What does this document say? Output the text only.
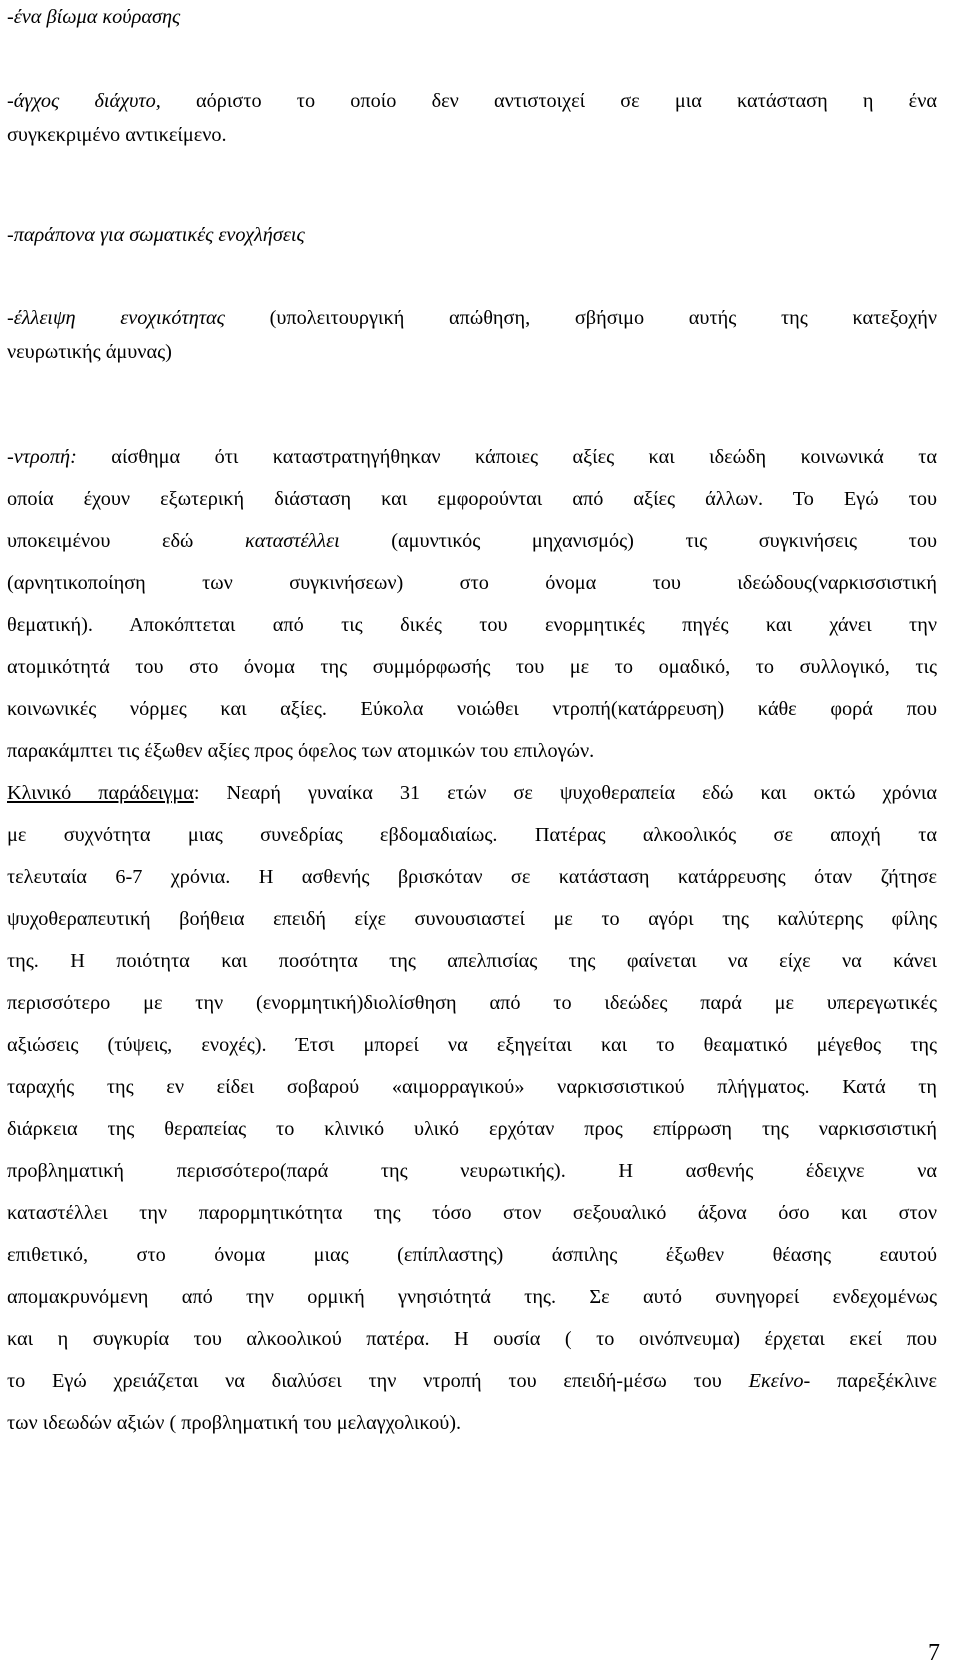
-ένα βίωμα κούρασης

-άγχος διάχυτο, αόριστο το οποίο δεν αντιστοιχεί σε μια κατάσταση η ένα

συγκεκριμένο αντικείμενο.

-παράπονα για σωματικές ενοχλήσεις

-έλλειψη ενοχικότητας (υπολειτουργική απώθηση, σβήσιμο αυτής της κατεξοχήν

νευρωτικής άμυνας)

-ντροπή: αίσθημα ότι καταστρατηγήθηκαν κάποιες αξίες και ιδεώδη κοινωνικά τα

οποία έχουν εξωτερική διάσταση και εμφορούνται από αξίες άλλων. Το Εγώ του

υποκειμένου εδώ καταστέλλει (αμυντικός μηχανισμός) τις συγκινήσεις του

(αρνητικοποίηση των συγκινήσεων) στο όνομα του ιδεώδους(ναρκισσιστική

θεματική). Αποκόπτεται από τις δικές του ενορμητικές πηγές και χάνει την

ατομικότητά του στο όνομα της συμμόρφωσής του με το ομαδικό, το συλλογικό, τις

κοινωνικές νόρμες και αξίες. Εύκολα νοιώθει ντροπή(κατάρρευση) κάθε φορά που

παρακάμπτει τις έξωθεν αξίες προς όφελος των ατομικών του επιλογών.

Κλινικό παράδειγμα: Νεαρή γυναίκα 31 ετών σε ψυχοθεραπεία εδώ και οκτώ χρόνια

με συχνότητα μιας συνεδρίας εβδομαδιαίως. Πατέρας αλκοολικός σε αποχή τα

τελευταία 6-7 χρόνια. Η ασθενής βρισκόταν σε κατάσταση κατάρρευσης όταν ζήτησε

ψυχοθεραπευτική βοήθεια επειδή είχε συνουσιαστεί με το αγόρι της καλύτερης φίλης

της. Η ποιότητα και ποσότητα της απελπισίας της φαίνεται να είχε να κάνει

περισσότερο με την (ενορμητική)διολίσθηση από το ιδεώδες παρά με υπερεγωτικές

αξιώσεις (τύψεις, ενοχές). Έτσι μπορεί να εξηγείται και το θεαματικό μέγεθος της

ταραχής της εν είδει σοβαρού «αιμορραγικού» ναρκισσιστικού πλήγματος. Κατά τη

διάρκεια της θεραπείας το κλινικό υλικό ερχόταν προς επίρρωση της ναρκισσιστική

προβληματική περισσότερο(παρά της νευρωτικής). Η ασθενής έδειχνε να

καταστέλλει την παρορμητικότητα της τόσο στον σεξουαλικό άξονα όσο και στον

επιθετικό, στο όνομα μιας (επίπλαστης) άσπιλης έξωθεν θέασης εαυτού

απομακρυνόμενη από την ορμική γνησιότητά της. Σε αυτό συνηγορεί ενδεχομένως

και η συγκυρία του αλκοολικού πατέρα. Η ουσία ( το οινόπνευμα) έρχεται εκεί που

το Εγώ χρειάζεται να διαλύσει την ντροπή του επειδή-μέσω του Εκείνο- παρεξέκλινε

των ιδεωδών αξιών ( προβληματική του μελαγχολικού).

7
